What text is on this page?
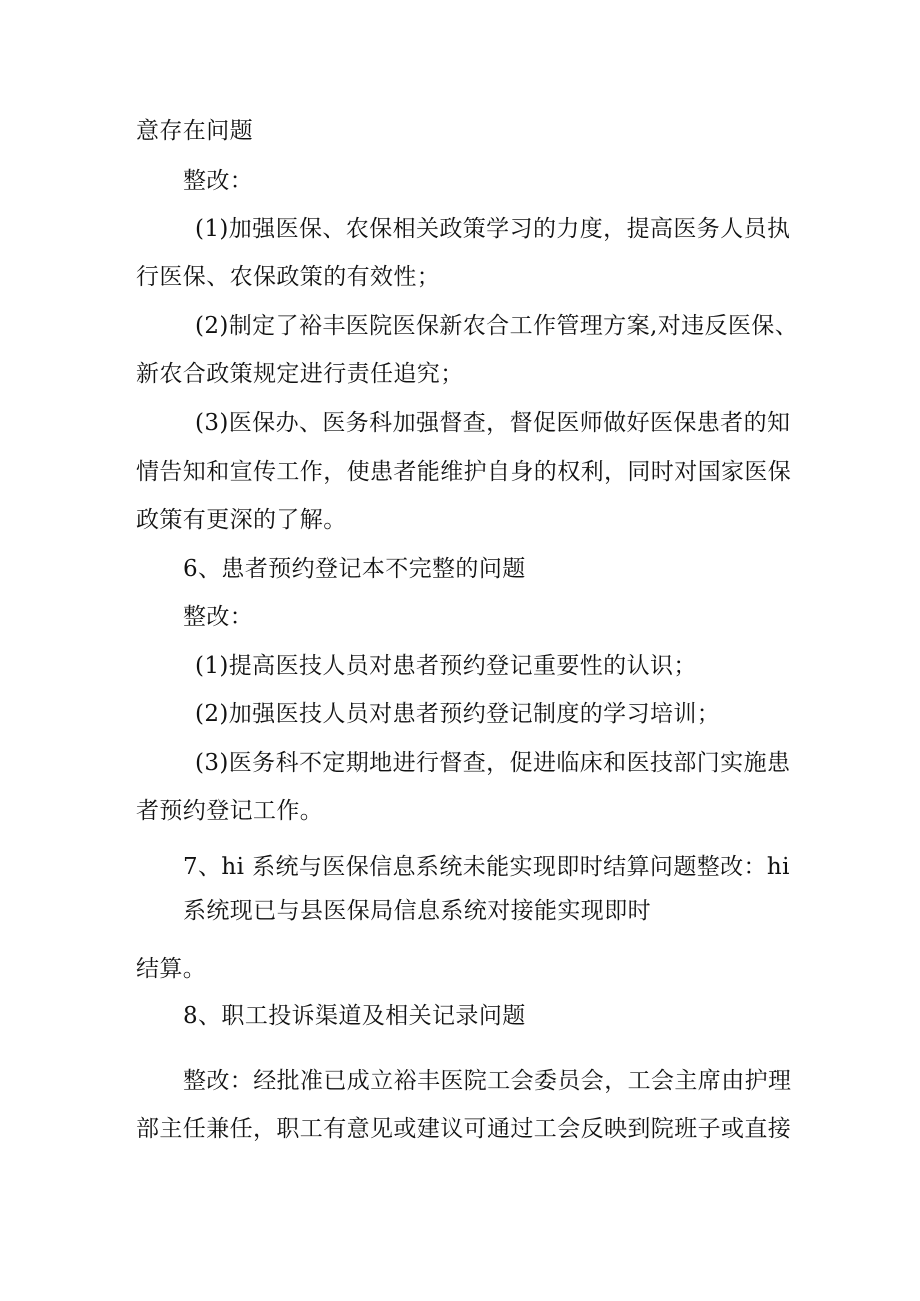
意存在问题
整改：
(1)加强医保、农保相关政策学习的力度，提高医务人员执
行医保、农保政策的有效性；
(2)制定了裕丰医院医保新农合工作管理方案,对违反医保、
新农合政策规定进行责任追究；
(3)医保办、医务科加强督查，督促医师做好医保患者的知
情告知和宣传工作，使患者能维护自身的权利，同时对国家医保
政策有更深的了解。
6、患者预约登记本不完整的问题
整改：
(1)提高医技人员对患者预约登记重要性的认识；
(2)加强医技人员对患者预约登记制度的学习培训；
(3)医务科不定期地进行督查，促进临床和医技部门实施患
者预约登记工作。
7、hi 系统与医保信息系统未能实现即时结算问题整改：hi
系统现已与县医保局信息系统对接能实现即时
结算。
8、职工投诉渠道及相关记录问题
整改：经批准已成立裕丰医院工会委员会，工会主席由护理
部主任兼任，职工有意见或建议可通过工会反映到院班子或直接
